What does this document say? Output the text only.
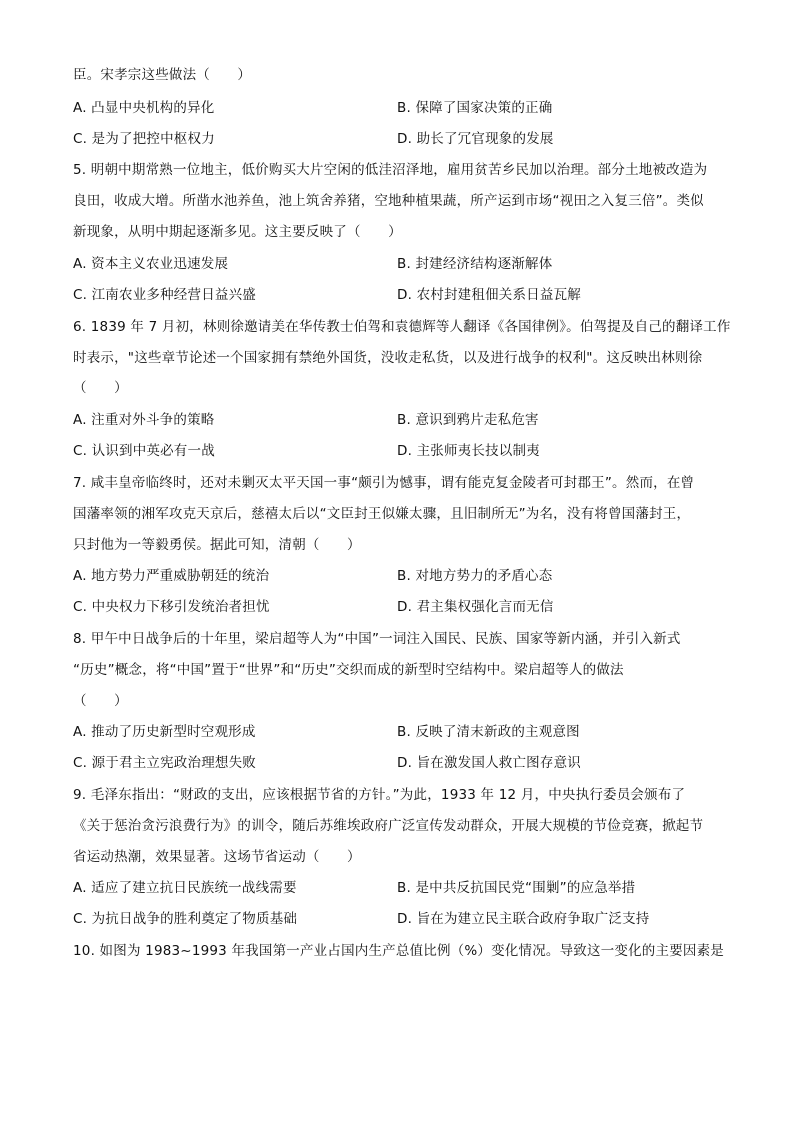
臣。宋孝宗这些做法（　　）
A. 凸显中央机构的异化	B. 保障了国家决策的正确
C. 是为了把控中枢权力	D. 助长了冗官现象的发展
5. 明朝中期常熟一位地主，低价购买大片空闲的低洼沼泽地，雇用贫苦乡民加以治理。部分土地被改造为
良田，收成大增。所凿水池养鱼，池上筑舍养猪，空地种植果蔬，所产运到市场“视田之入复三倍”。类似
新现象，从明中期起逐渐多见。这主要反映了（　　）
A. 资本主义农业迅速发展	B. 封建经济结构逐渐解体
C. 江南农业多种经营日益兴盛	D. 农村封建租佃关系日益瓦解
6. 1839 年 7 月初，林则徐邀请美在华传教士伯驾和袁德辉等人翻译《各国律例》。伯驾提及自己的翻译工作
时表示，"这些章节论述一个国家拥有禁绝外国货，没收走私货，以及进行战争的权利"。这反映出林则徐
（　　）
A. 注重对外斗争的策略	B. 意识到鸦片走私危害
C. 认识到中英必有一战	D. 主张师夷长技以制夷
7. 咸丰皇帝临终时，还对未剿灭太平天国一事“颇引为憾事，谓有能克复金陵者可封郡王”。然而，在曾
国藩率领的湘军攻克天京后，慈禧太后以“文臣封王似嫌太骤，且旧制所无”为名，没有将曾国藩封王，
只封他为一等毅勇侯。据此可知，清朝（　　）
A. 地方势力严重威胁朝廷的统治	B. 对地方势力的矛盾心态
C. 中央权力下移引发统治者担忧	D. 君主集权强化言而无信
8. 甲午中日战争后的十年里，梁启超等人为“中国”一词注入国民、民族、国家等新内涵，并引入新式
“历史”概念，将“中国”置于“世界”和“历史”交织而成的新型时空结构中。梁启超等人的做法
（　　）
A. 推动了历史新型时空观形成	B. 反映了清末新政的主观意图
C. 源于君主立宪政治理想失败	D. 旨在激发国人救亡图存意识
9. 毛泽东指出：“财政的支出，应该根据节省的方针。”为此，1933 年 12 月，中央执行委员会颁布了
《关于惩治贪污浪费行为》的训令，随后苏维埃政府广泛宣传发动群众，开展大规模的节俭竞赛，掀起节
省运动热潮，效果显著。这场节省运动（　　）
A. 适应了建立抗日民族统一战线需要	B. 是中共反抗国民党“围剿”的应急举措
C. 为抗日战争的胜利奠定了物质基础	D. 旨在为建立民主联合政府争取广泛支持
10. 如图为 1983~1993 年我国第一产业占国内生产总值比例（%）变化情况。导致这一变化的主要因素是
